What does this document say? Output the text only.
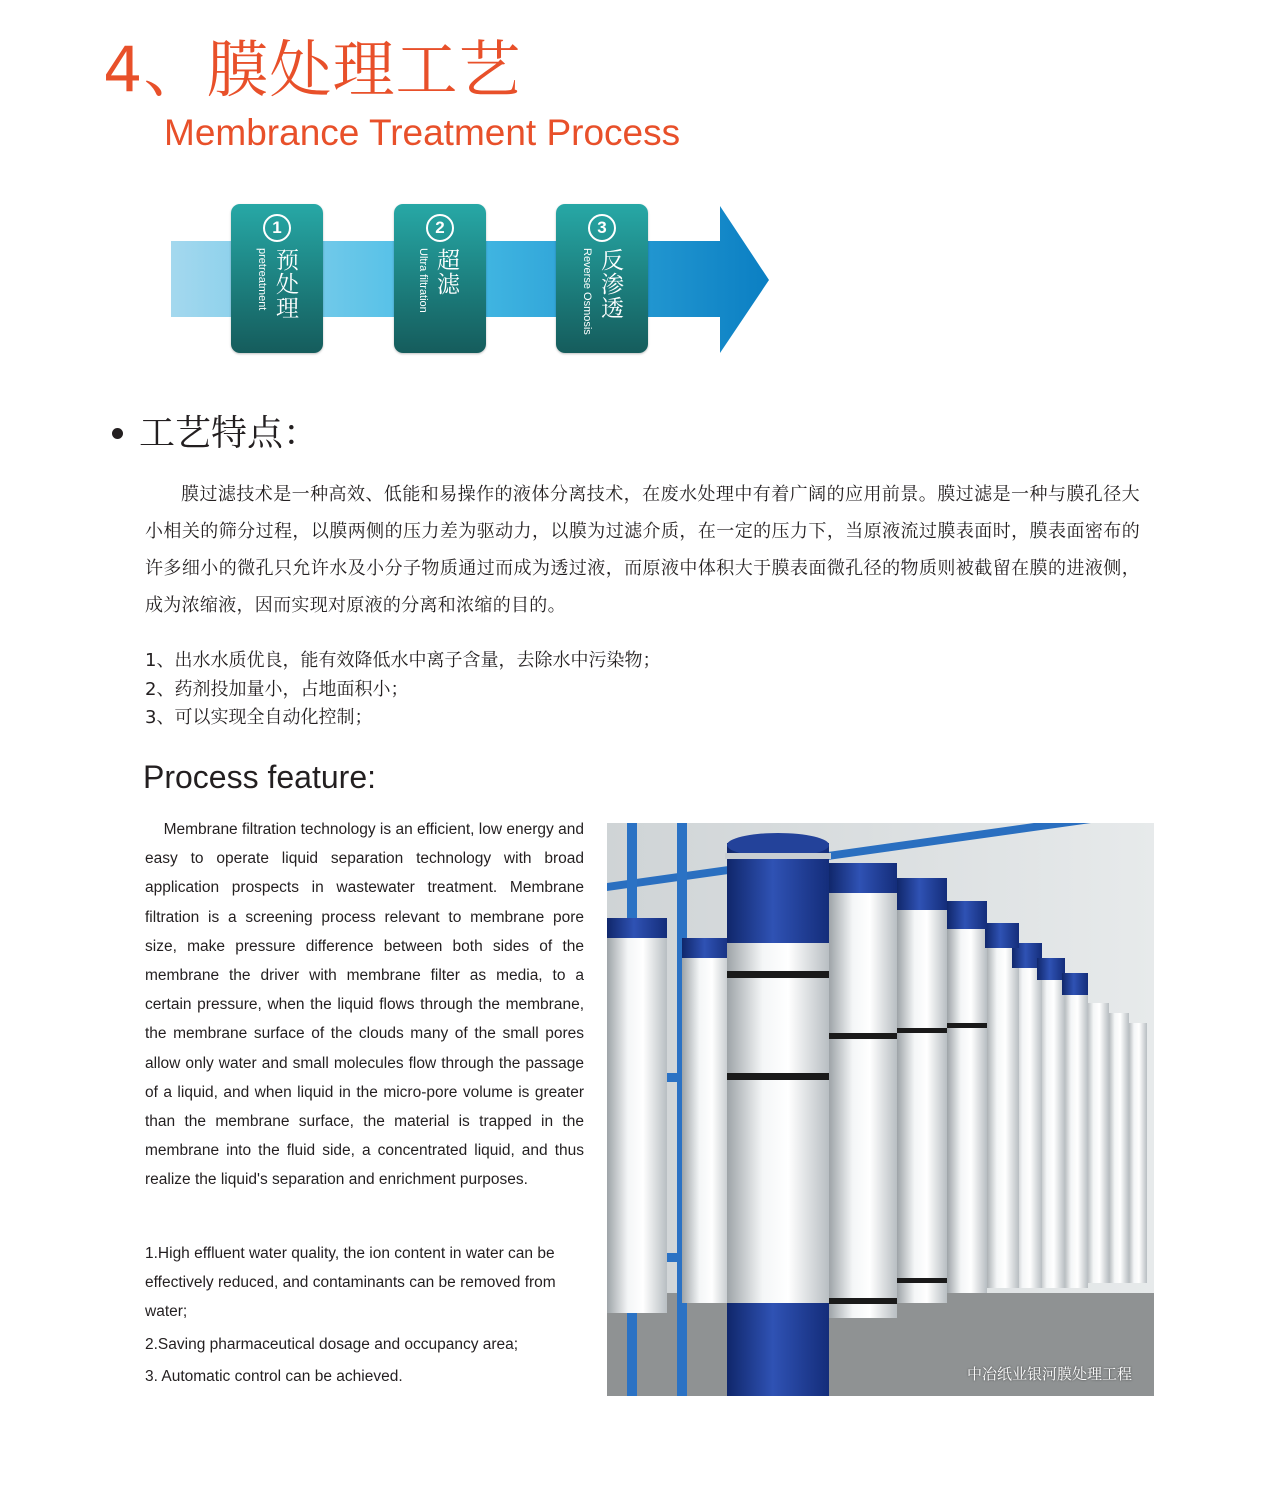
4、膜处理工艺
Membrance Treatment Process
1
预处理
pretreatment
2
超滤
Ultra filtration
3
反渗透
Reverse Osmosis
工艺特点：

膜过滤技术是一种高效、低能和易操作的液体分离技术，在废水处理中有着广阔的应用前景。膜过滤是一种与膜孔径大小相关的筛分过程，以膜两侧的压力差为驱动力，以膜为过滤介质，在一定的压力下，当原液流过膜表面时，膜表面密布的许多细小的微孔只允许水及小分子物质通过而成为透过液，而原液中体积大于膜表面微孔径的物质则被截留在膜的进液侧，成为浓缩液，因而实现对原液的分离和浓缩的目的。

1、出水水质优良，能有效降低水中离子含量，去除水中污染物；
2、药剂投加量小，占地面积小；
3、可以实现全自动化控制；
Process feature:

Membrane filtration technology is an efficient, low energy and easy to operate liquid separation technology with broad application prospects in wastewater treatment. Membrane filtration is a screening process relevant to membrane pore size, make pressure difference between both sides of the membrane the driver with membrane filter as media, to a certain pressure, when the liquid flows through the membrane, the membrane surface of the clouds many of the small pores allow only water and small molecules flow through the passage of a liquid, and when liquid in the micro-pore volume is greater than the membrane surface, the material is trapped in the membrane into the fluid side, a concentrated liquid, and thus realize the liquid's separation and enrichment purposes.

1.High effluent water quality, the ion content in water can be effectively reduced, and contaminants can be removed from water;

2.Saving pharmaceutical dosage and occupancy area;

3. Automatic control can be achieved.	中冶纸业银河膜处理工程
